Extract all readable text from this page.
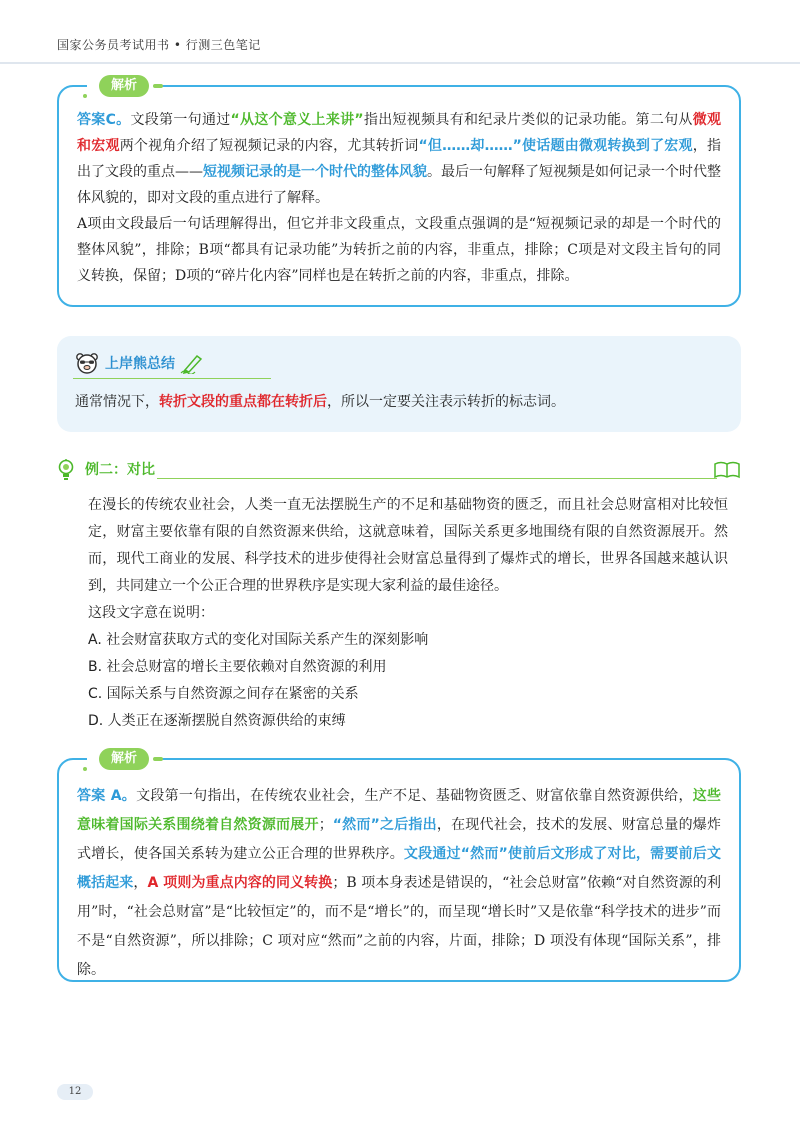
国家公务员考试用书 • 行测三色笔记
解析

答案C。文段第一句通过“从这个意义上来讲”指出短视频具有和纪录片类似的记录功能。第二句从微观和宏观两个视角介绍了短视频记录的内容，尤其转折词“但……却……”使话题由微观转换到了宏观，指出了文段的重点——短视频记录的是一个时代的整体风貌。最后一句解释了短视频是如何记录一个时代整体风貌的，即对文段的重点进行了解释。

A项由文段最后一句话理解得出，但它并非文段重点，文段重点强调的是“短视频记录的却是一个时代的整体风貌”，排除；B项“都具有记录功能”为转折之前的内容，非重点，排除；C项是对文段主旨句的同义转换，保留；D项的“碎片化内容”同样也是在转折之前的内容，非重点，排除。

上岸熊总结
通常情况下，转折文段的重点都在转折后，所以一定要关注表示转折的标志词。
例二：对比

在漫长的传统农业社会，人类一直无法摆脱生产的不足和基础物资的匮乏，而且社会总财富相对比较恒定，财富主要依靠有限的自然资源来供给，这就意味着，国际关系更多地围绕有限的自然资源展开。然而，现代工商业的发展、科学技术的进步使得社会财富总量得到了爆炸式的增长，世界各国越来越认识到，共同建立一个公正合理的世界秩序是实现大家利益的最佳途径。

这段文字意在说明：

A. 社会财富获取方式的变化对国际关系产生的深刻影响

B. 社会总财富的增长主要依赖对自然资源的利用

C. 国际关系与自然资源之间存在紧密的关系

D. 人类正在逐渐摆脱自然资源供给的束缚

解析

答案 A。文段第一句指出，在传统农业社会，生产不足、基础物资匮乏、财富依靠自然资源供给，这些意味着国际关系围绕着自然资源而展开；“然而”之后指出，在现代社会，技术的发展、财富总量的爆炸式增长，使各国关系转为建立公正合理的世界秩序。文段通过“然而”使前后文形成了对比，需要前后文概括起来，A 项则为重点内容的同义转换；B 项本身表述是错误的，“社会总财富”依赖“对自然资源的利用”时，“社会总财富”是“比较恒定”的，而不是“增长”的，而呈现“增长时”又是依靠“科学技术的进步”而不是“自然资源”，所以排除；C 项对应“然而”之前的内容，片面，排除；D 项没有体现“国际关系”，排除。

12
